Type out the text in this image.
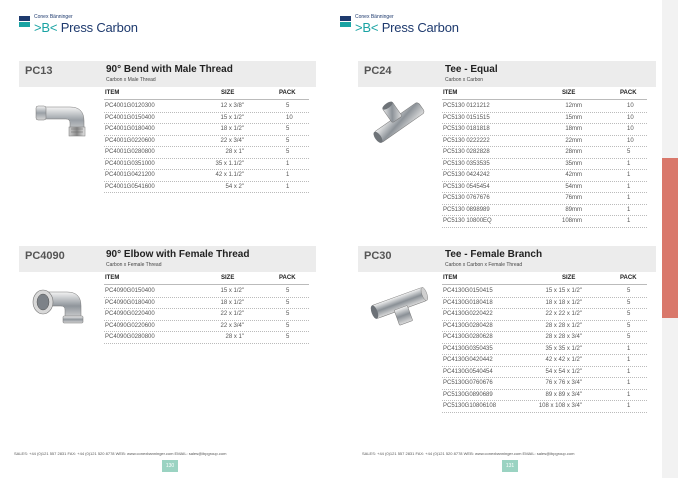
Conex Bänninger
>B< Press Carbon
PC13	90° Bend with Male Thread
Carbon x Male Thread
ITEM	SIZE	PACK
PC4001G0120300	12 x 3/8"	5
PC4001G0150400	15 x 1/2"	10
PC4001G0180400	18 x 1/2"	5
PC4001G0220600	22 x 3/4"	5
PC4001G0280800	28 x 1"	5
PC4001G0351000	35 x 1.1/2"	1
PC4001G0421200	42 x 1.1/2"	1
PC4001G0541600	54 x 2"	1
PC4090	90° Elbow with Female Thread
Carbon x Female Thread
ITEM	SIZE	PACK
PC4090G0150400	15 x 1/2"	5
PC4090G0180400	18 x 1/2"	5
PC4090G0220400	22 x 1/2"	5
PC4090G0220600	22 x 3/4"	5
PC4090G0280800	28 x 1"	5
SALES: +44 (0)121 557 2831 FAX: +44 (0)121 520 8778 WEB: www.conexbanninger.com EMAIL: sales@ibpgroup.com
130
Conex Bänninger
>B< Press Carbon
PC24	Tee - Equal
Carbon x Carbon
ITEM	SIZE	PACK
PC5130 0121212	12mm	10
PC5130 0151515	15mm	10
PC5130 0181818	18mm	10
PC5130 0222222	22mm	10
PC5130 0282828	28mm	5
PC5130 0353535	35mm	1
PC5130 0424242	42mm	1
PC5130 0545454	54mm	1
PC5130 0767676	76mm	1
PC5130 0898989	89mm	1
PC5130 10800EQ	108mm	1
PC30	Tee - Female Branch
Carbon x Carbon x Female Thread
ITEM	SIZE	PACK
PC4130G0150415	15 x 15 x 1/2"	5
PC4130G0180418	18 x 18 x 1/2"	5
PC4130G0220422	22 x 22 x 1/2"	5
PC4130G0280428	28 x 28 x 1/2"	5
PC4130G0280628	28 x 28 x 3/4"	5
PC4130G0350435	35 x 35 x 1/2"	1
PC4130G0420442	42 x 42 x 1/2"	1
PC4130G0540454	54 x 54 x 1/2"	1
PC5130G0760676	76 x 76 x 3/4"	1
PC5130G0890689	89 x 89 x 3/4"	1
PC5130G10806108	108 x 108 x 3/4"	1
SALES: +44 (0)121 557 2831 FAX: +44 (0)121 520 8778 WEB: www.conexbanninger.com EMAIL: sales@ibpgroup.com
131
